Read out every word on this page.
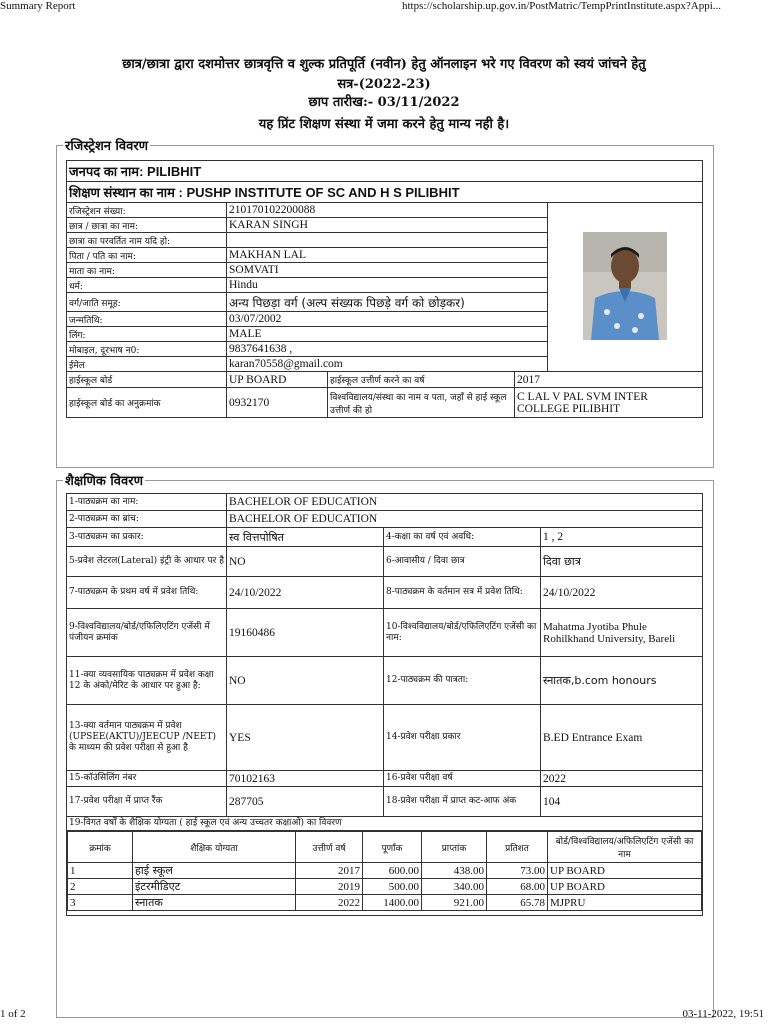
Summary Report	https://scholarship.up.gov.in/PostMatric/TempPrintInstitute.aspx?Appi...
छात्र/छात्रा द्वारा दशमोत्तर छात्रवृत्ति व शुल्क प्रतिपूर्ति (नवीन) हेतु ऑनलाइन भरे गए विवरण को स्वयं जांचने हेतु
सत्र-(2022-23)
छाप तारीख:- 03/11/2022
यह प्रिंट शिक्षण संस्था में जमा करने हेतु मान्य नही है।
रजिस्ट्रेशन विवरण
जनपद का नाम: PILIBHIT				
शिक्षण संस्थान का नाम : PUSHP INSTITUTE OF SC AND H S PILIBHIT				
रजिस्ट्रेशन संख्या:	210170102200088	
छात्र / छात्रा का नाम:	KARAN SINGH			
छात्रा का परवर्तित नाम यदि हो:				
पिता / पति का नाम:	MAKHAN LAL			
माता का नाम:	SOMVATI			
धर्म:	Hindu			
वर्ग/जाति समूह:	अन्य पिछड़ा वर्ग (अल्प संख्यक पिछड़े वर्ग को छोड़कर)			
जन्मतिथि:	03/07/2002			
लिंग:	MALE			
मोबाइल, दूरभाष न0:	9837641638 ,			
ईमेल	karan70558@gmail.com			
हाईस्कूल बोर्ड	UP BOARD	हाईस्कूल उत्तीर्ण करने का वर्ष	2017	
हाईस्कूल बोर्ड का अनुक्रमांक	0932170	विश्वविद्यालय/संस्था का नाम व पता, जहाँ से हाई स्कूल उत्तीर्ण की हो	C LAL V PAL SVM INTER COLLEGE PILIBHIT	
शैक्षणिक विवरण
1-पाठ्यक्रम का नाम:	BACHELOR OF EDUCATION
2-पाठ्यक्रम का ब्रांच:	BACHELOR OF EDUCATION
3-पाठ्यक्रम का प्रकार:	स्व वित्तपोषित	4-कक्षा का वर्ष एवं अवधि:	1 , 2
5-प्रवेश लेटरल(Lateral) इंट्री के आधार पर है	NO	6-आवासीय / दिवा छात्र	दिवा छात्र
7-पाठ्यक्रम के प्रथम वर्ष में प्रवेश तिथि:	24/10/2022	8-पाठ्यक्रम के वर्तमान सत्र में प्रवेश तिथि:	24/10/2022
9-विश्वविद्यालय/बोर्ड/एफिलिएटिंग एजेंसी में पंजीयन क्रमांक	19160486	10-विश्वविद्यालय/बोर्ड/एफिलिएटिंग एजेंसी का नाम:	Mahatma Jyotiba Phule Rohilkhand University, Bareli
11-क्या व्यवसायिक पाठ्यक्रम में प्रवेश कक्षा 12 के अंको/मेरिट के आधार पर हुआ है:	NO	12-पाठ्यक्रम की पात्रता:	स्नातक,b.com honours
13-क्या वर्तमान पाठ्यक्रम में प्रवेश (UPSEE(AKTU)/JEECUP /NEET) के माध्यम की प्रवेश परीक्षा से हुआ है	YES	14-प्रवेश परीक्षा प्रकार	B.ED Entrance Exam
15-कॉउंसिलिंग नंबर	70102163	16-प्रवेश परीक्षा वर्ष	2022
17-प्रवेश परीक्षा में प्राप्त रैंक	287705	18-प्रवेश परीक्षा में प्राप्त कट-आफ अंक	104
19-विगत वर्षों के शैक्षिक योग्यता ( हाई स्कूल एवं अन्य उच्चतर कक्षाओं) का विवरण

क्रमांक	शैक्षिक योग्यता	उत्तीर्ण वर्ष	पूर्णांक	प्राप्तांक	प्रतिशत	बोर्ड/विश्वविद्यालय/अफिलिएटिंग एजेंसी का नाम
1	हाई स्कूल	2017	600.00	438.00	73.00	UP BOARD
2	इंटरमीडिएट	2019	500.00	340.00	68.00	UP BOARD
3	स्नातक	2022	1400.00	921.00	65.78	MJPRU
1 of 2	03-11-2022, 19:51
